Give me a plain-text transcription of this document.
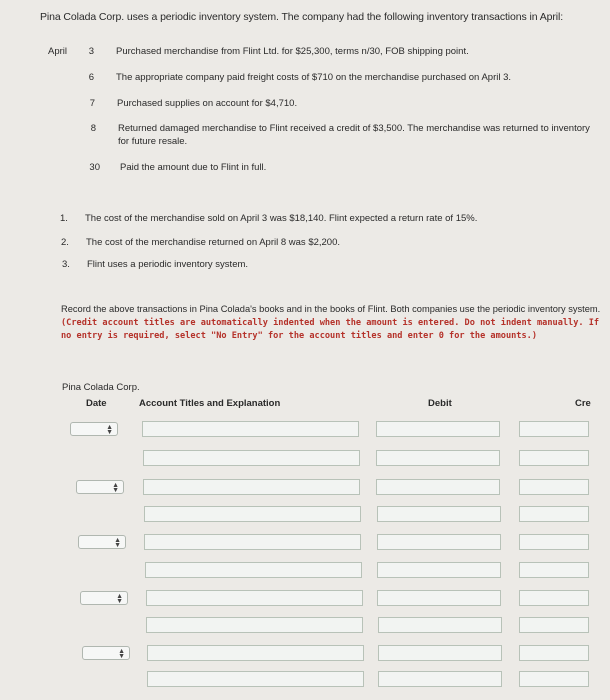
Pina Colada Corp. uses a periodic inventory system. The company had the following inventory transactions in April:
April	3 Purchased merchandise from Flint Ltd. for $25,300, terms n/30, FOB shipping point.
6 The appropriate company paid freight costs of $710 on the merchandise purchased on April 3.
7 Purchased supplies on account for $4,710.
8 Returned damaged merchandise to Flint received a credit of $3,500. The merchandise was returned to inventory for future resale.
30 Paid the amount due to Flint in full.
1. The cost of the merchandise sold on April 3 was $18,140. Flint expected a return rate of 15%.
2. The cost of the merchandise returned on April 8 was $2,200.
3. Flint uses a periodic inventory system.
Record the above transactions in Pina Colada's books and in the books of Flint. Both companies use the periodic inventory system. (Credit account titles are automatically indented when the amount is entered. Do not indent manually. If no entry is required, select "No Entry" for the account titles and enter 0 for the amounts.)
Pina Colada Corp.
Date	Account Titles and Explanation	Debit	Cre
▲
▼
▲
▼
▲
▼
▲
▼
▲
▼
